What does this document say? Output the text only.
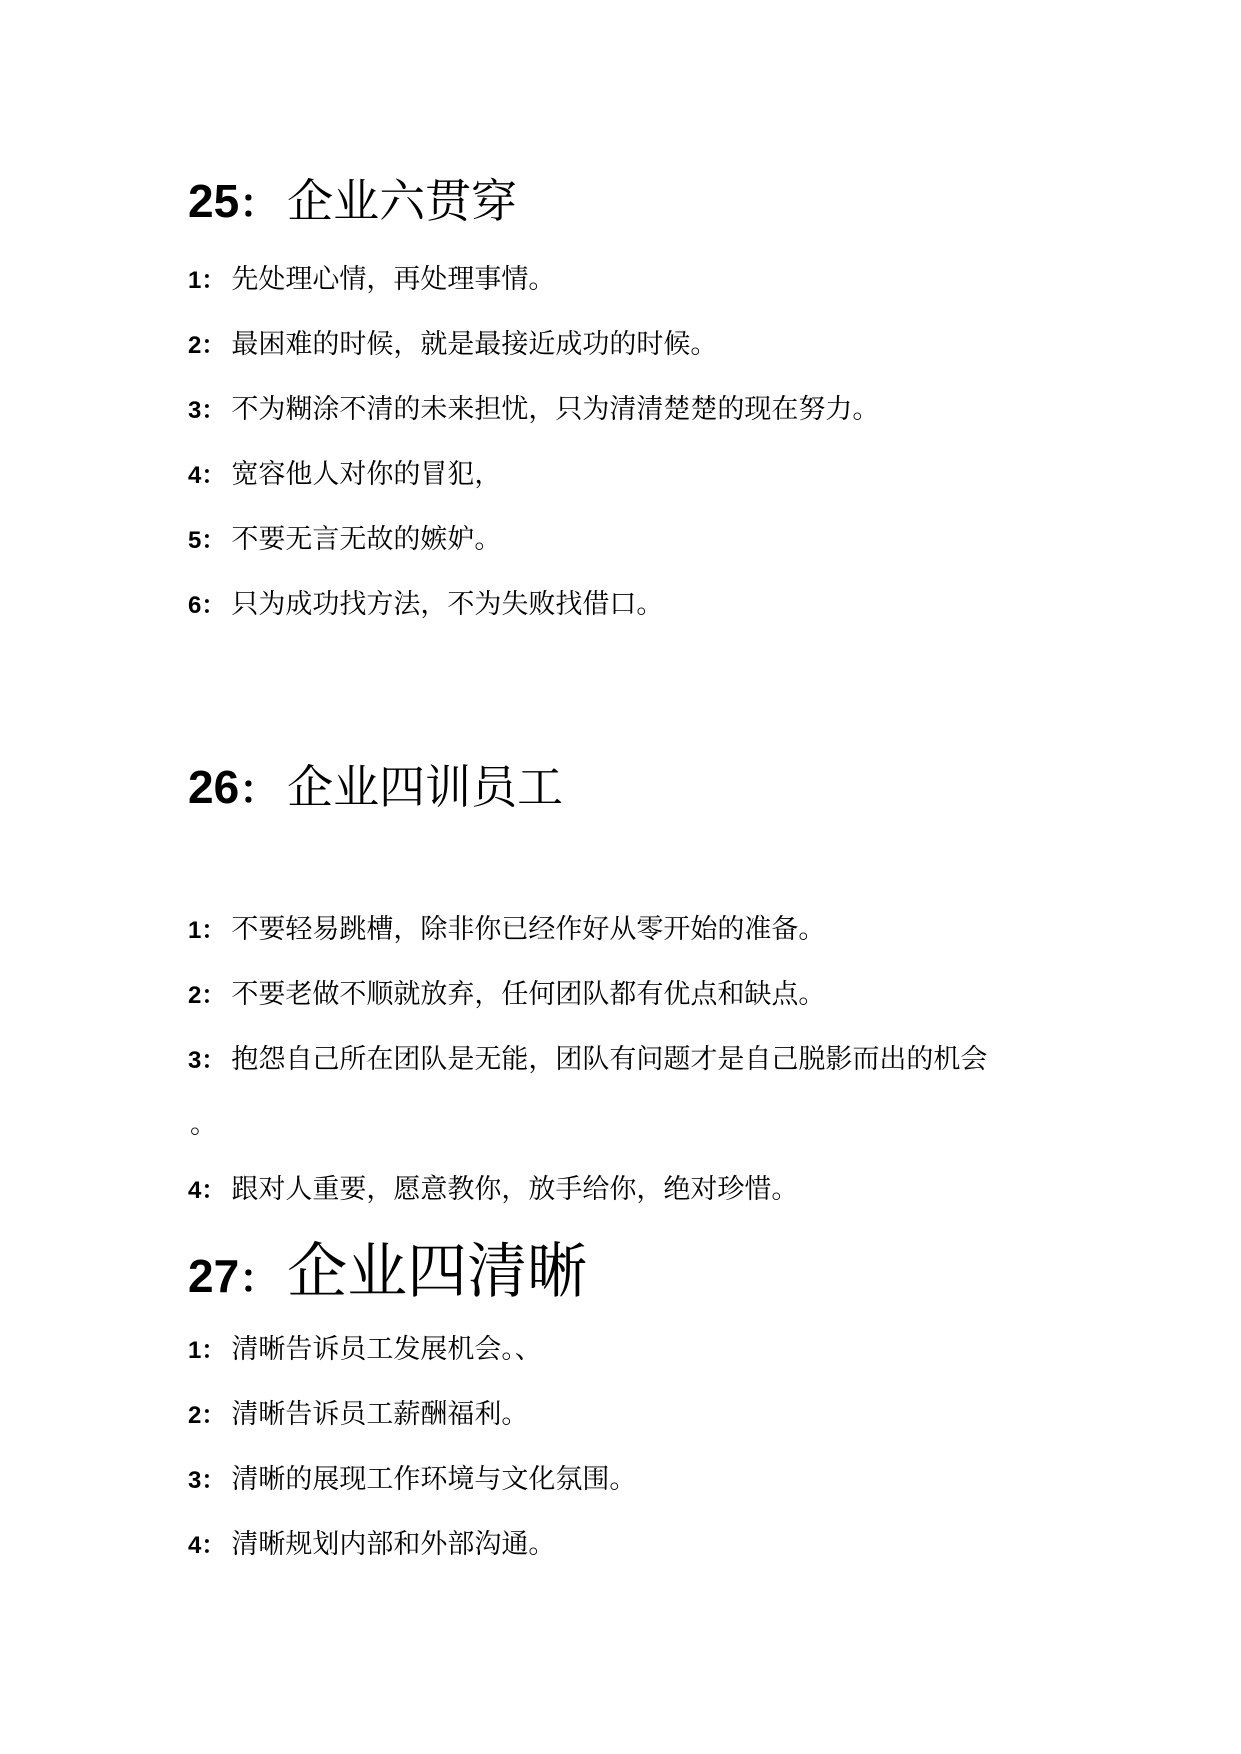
25 ： 企业六贯穿
1 ： 先处理心情，再处理事情。
2 ： 最困难的时候，就是最接近成功的时候。
3 ： 不为糊涂不清的未来担忧，只为清清楚楚的现在努力。
4 ： 宽容他人对你的冒犯，
5 ： 不要无言无故的嫉妒。
6 ： 只为成功找方法，不为失败找借口。
26 ： 企业四训员工
1 ： 不要轻易跳槽，除非你已经作好从零开始的准备。
2 ： 不要老做不顺就放弃，任何团队都有优点和缺点。
3 ： 抱怨自己所在团队是无能，团队有问题才是自己脱影而出的机会
。
4 ： 跟对人重要，愿意教你，放手给你，绝对珍惜。
27 ： 企业四清晰
1 ： 清晰告诉员工发展机会。、
2 ： 清晰告诉员工薪酬福利。
3 ： 清晰的展现工作环境与文化氛围。
4 ： 清晰规划内部和外部沟通。
